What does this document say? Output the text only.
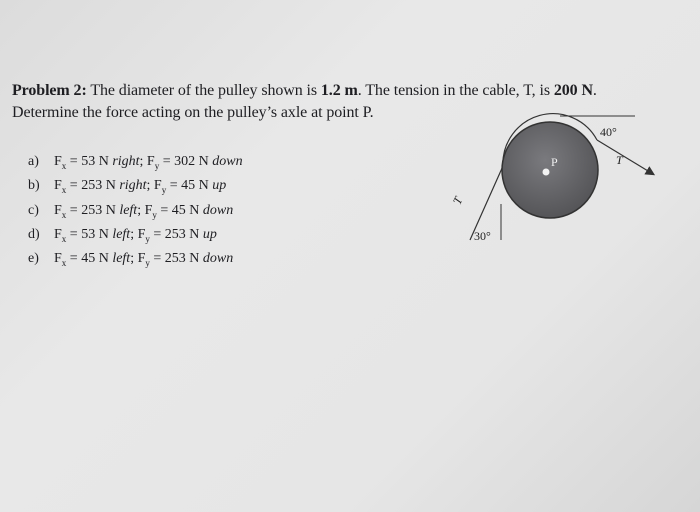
Problem 2: The diameter of the pulley shown is 1.2 m. The tension in the cable, T, is 200 N.
Determine the force acting on the pulley’s axle at point P.
a)	$F_x = 53$ N right; $F_y = 302$ N down
b)	$F_x = 253$ N right; $F_y = 45$ N up
c)	$F_x = 253$ N left; $F_y = 45$ N down
d)	$F_x = 53$ N left; $F_y = 253$ N up
e)	$F_x = 45$ N left; $F_y = 253$ N down
P
40°
30°
T
T
